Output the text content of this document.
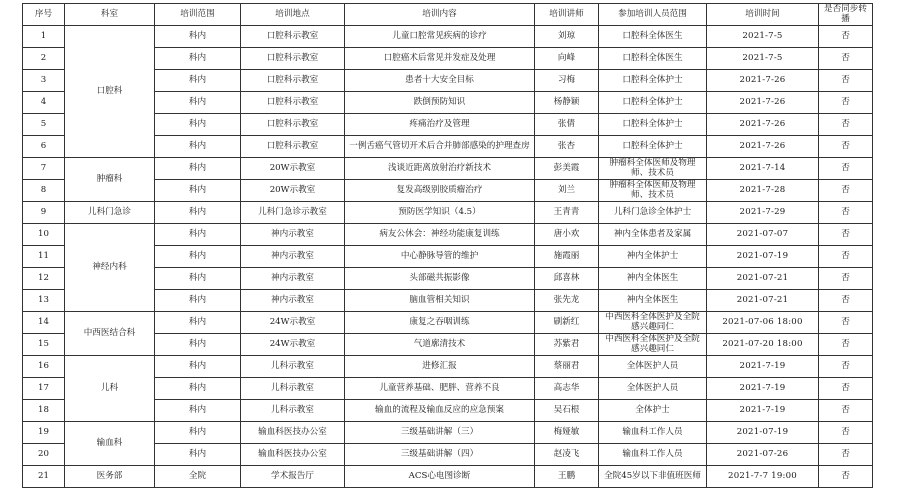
序号	科室	培训范围	培训地点	培训内容	培训讲师	参加培训人员范围	培训时间	是否同步转播
1	口腔科	科内	口腔科示教室	儿童口腔常见疾病的诊疗	刘琼	口腔科全体医生	2021-7-5	否
2		科内	口腔科示教室	口腔癌术后常见并发症及处理	向峰	口腔科全体医生	2021-7-5	否
3		科内	口腔科示教室	患者十大安全目标	习梅	口腔科全体护士	2021-7-26	否
4		科内	口腔科示教室	跌倒预防知识	杨静颖	口腔科全体护士	2021-7-26	否
5		科内	口腔科示教室	疼痛治疗及管理	张倩	口腔科全体护士	2021-7-26	否
6		科内	口腔科示教室	一例舌癌气管切开术后合并肺部感染的护理查房	张杏	口腔科全体护士	2021-7-26	否
7	肿瘤科	科内	20W示教室	浅谈近距离放射治疗新技术	彭美霞	肿瘤科全体医师及物理师、技术员	2021-7-14	否
8		科内	20W示教室	复发高级别胶质瘤治疗	刘兰	肿瘤科全体医师及物理师、技术员	2021-7-28	否
9	儿科门急诊	科内	儿科门急诊示教室	预防医学知识（4.5）	王青青	儿科门急诊全体护士	2021-7-29	否
10	神经内科	科内	神内示教室	病友公休会：神经功能康复训练	唐小欢	神内全体患者及家属	2021-07-07	否
11		科内	神内示教室	中心静脉导管的维护	施霞丽	神内全体护士	2021-07-19	否
12		科内	神内示教室	头部磁共振影像	邱喜林	神内全体医生	2021-07-21	否
13		科内	神内示教室	脑血管相关知识	张先龙	神内全体医生	2021-07-21	否
14	中西医结合科	科内	24W示教室	康复之吞咽训练	刷新红	中西医科全体医护及全院感兴趣同仁	2021-07-06 18:00	否
15		科内	24W示教室	气道廓清技术	苏紫君	中西医科全体医护及全院感兴趣同仁	2021-07-20 18:00	否
16	儿科	科内	儿科示教室	进修汇报	蔡丽君	全体医护人员	2021-7-19	否
17		科内	儿科示教室	儿童营养基础、肥胖、营养不良	高志华	全体医护人员	2021-7-19	否
18		科内	儿科示教室	输血的流程及输血反应的应急预案	吴石根	全体护士	2021-7-19	否
19	输血科	科内	输血科医技办公室	三级基础讲解（三）	梅娅敏	输血科工作人员	2021-07-19	否
20		科内	输血科医技办公室	三级基础讲解（四）	赵凌飞	输血科工作人员	2021-07-26	否
21	医务部	全院	学术报告厅	ACS心电图诊断	王鹏	全院45岁以下非值班医师	2021-7-7 19:00	否
